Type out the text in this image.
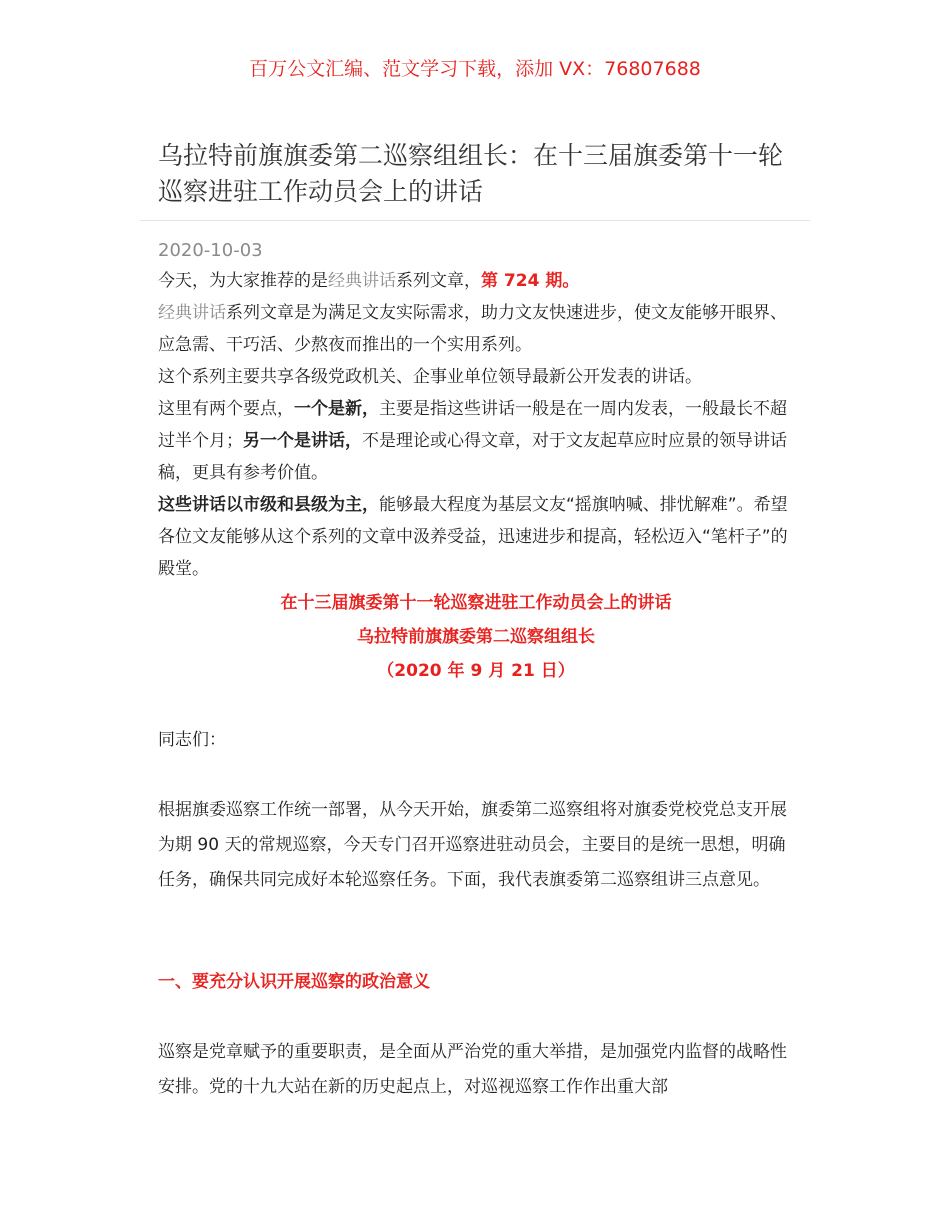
百万公文汇编、范文学习下载，添加 VX：76807688
乌拉特前旗旗委第二巡察组组长：在十三届旗委第十一轮巡察进驻工作动员会上的讲话
2020-10-03

今天，为大家推荐的是经典讲话系列文章，第 724 期。

经典讲话系列文章是为满足文友实际需求，助力文友快速进步，使文友能够开眼界、应急需、干巧活、少熬夜而推出的一个实用系列。

这个系列主要共享各级党政机关、企事业单位领导最新公开发表的讲话。

这里有两个要点，一个是新，主要是指这些讲话一般是在一周内发表，一般最长不超过半个月；另一个是讲话，不是理论或心得文章，对于文友起草应时应景的领导讲话稿，更具有参考价值。

这些讲话以市级和县级为主，能够最大程度为基层文友“摇旗呐喊、排忧解难”。希望各位文友能够从这个系列的文章中汲养受益，迅速进步和提高，轻松迈入“笔杆子”的殿堂。

在十三届旗委第十一轮巡察进驻工作动员会上的讲话
乌拉特前旗旗委第二巡察组组长
（2020 年 9 月 21 日）

同志们：

根据旗委巡察工作统一部署，从今天开始，旗委第二巡察组将对旗委党校党总支开展为期 90 天的常规巡察，今天专门召开巡察进驻动员会，主要目的是统一思想，明确任务，确保共同完成好本轮巡察任务。下面，我代表旗委第二巡察组讲三点意见。

一、要充分认识开展巡察的政治意义

巡察是党章赋予的重要职责，是全面从严治党的重大举措，是加强党内监督的战略性安排。党的十九大站在新的历史起点上，对巡视巡察工作作出重大部
